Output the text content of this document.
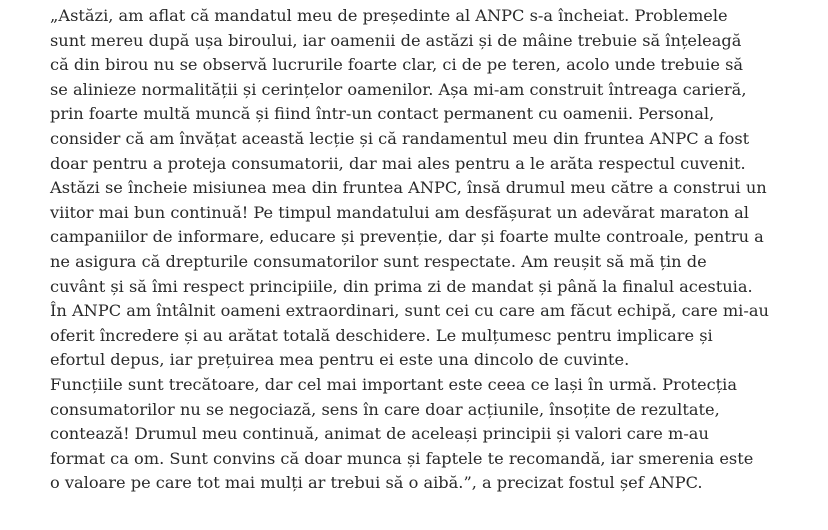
„Astăzi, am aflat că mandatul meu de președinte al ANPC s-a încheiat. Problemele
sunt mereu după ușa biroului, iar oamenii de astăzi și de mâine trebuie să înțeleagă
că din birou nu se observă lucrurile foarte clar, ci de pe teren, acolo unde trebuie să
se alinieze normalității și cerințelor oamenilor. Așa mi-am construit întreaga carieră,
prin foarte multă muncă și fiind într-un contact permanent cu oamenii. Personal,
consider că am învățat această lecție și că randamentul meu din fruntea ANPC a fost
doar pentru a proteja consumatorii, dar mai ales pentru a le arăta respectul cuvenit.
Astăzi se încheie misiunea mea din fruntea ANPC, însă drumul meu către a construi un
viitor mai bun continuă! Pe timpul mandatului am desfășurat un adevărat maraton al
campaniilor de informare, educare și prevenție, dar și foarte multe controale, pentru a
ne asigura că drepturile consumatorilor sunt respectate. Am reușit să mă țin de
cuvânt și să îmi respect principiile, din prima zi de mandat și până la finalul acestuia.
În ANPC am întâlnit oameni extraordinari, sunt cei cu care am făcut echipă, care mi-au
oferit încredere și au arătat totală deschidere. Le mulțumesc pentru implicare și
efortul depus, iar prețuirea mea pentru ei este una dincolo de cuvinte.
Funcțiile sunt trecătoare, dar cel mai important este ceea ce lași în urmă. Protecția
consumatorilor nu se negociază, sens în care doar acțiunile, însoțite de rezultate,
contează! Drumul meu continuă, animat de aceleași principii și valori care m-au
format ca om. Sunt convins că doar munca și faptele te recomandă, iar smerenia este
o valoare pe care tot mai mulți ar trebui să o aibă.”, a precizat fostul șef ANPC.
